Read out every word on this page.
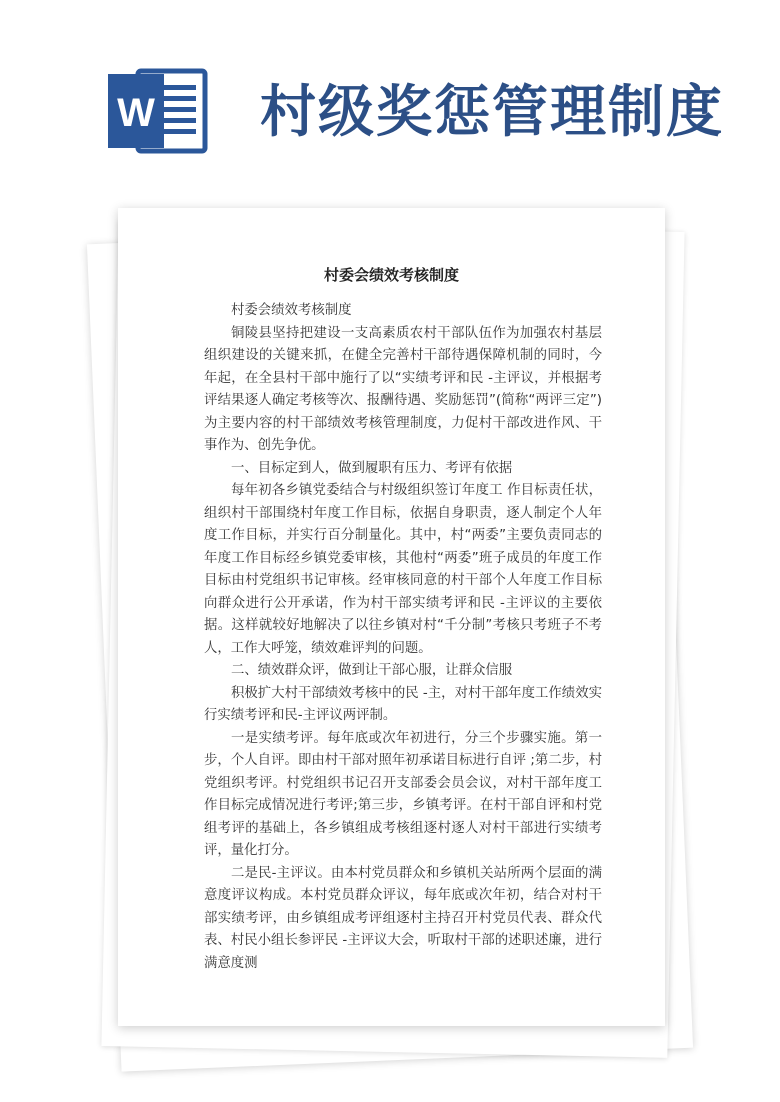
W 村级奖惩管理制度
村委会绩效考核制度

村委会绩效考核制度

铜陵县坚持把建设一支高素质农村干部队伍作为加强农村基层组织建设的关键来抓，在健全完善村干部待遇保障机制的同时，今年起，在全县村干部中施行了以“实绩考评和民 -主评议，并根据考评结果逐人确定考核等次、报酬待遇、奖励惩罚”(简称“两评三定”)为主要内容的村干部绩效考核管理制度，力促村干部改进作风、干事作为、创先争优。

一、目标定到人，做到履职有压力、考评有依据

每年初各乡镇党委结合与村级组织签订年度工 作目标责任状，组织村干部围绕村年度工作目标，依据自身职责，逐人制定个人年度工作目标，并实行百分制量化。其中，村“两委”主要负责同志的年度工作目标经乡镇党委审核，其他村“两委”班子成员的年度工作目标由村党组织书记审核。经审核同意的村干部个人年度工作目标向群众进行公开承诺，作为村干部实绩考评和民 -主评议的主要依据。这样就较好地解决了以往乡镇对村“千分制”考核只考班子不考人，工作大呼笼，绩效难评判的问题。

二、绩效群众评，做到让干部心服，让群众信服

积极扩大村干部绩效考核中的民 -主，对村干部年度工作绩效实行实绩考评和民-主评议两评制。

一是实绩考评。每年底或次年初进行，分三个步骤实施。第一步，个人自评。即由村干部对照年初承诺目标进行自评 ;第二步，村党组织考评。村党组织书记召开支部委会员会议，对村干部年度工作目标完成情况进行考评;第三步，乡镇考评。在村干部自评和村党组考评的基础上，各乡镇组成考核组逐村逐人对村干部进行实绩考评，量化打分。

二是民-主评议。由本村党员群众和乡镇机关站所两个层面的满意度评议构成。本村党员群众评议，每年底或次年初，结合对村干部实绩考评，由乡镇组成考评组逐村主持召开村党员代表、群众代表、村民小组长参评民 -主评议大会，听取村干部的述职述廉，进行满意度测
